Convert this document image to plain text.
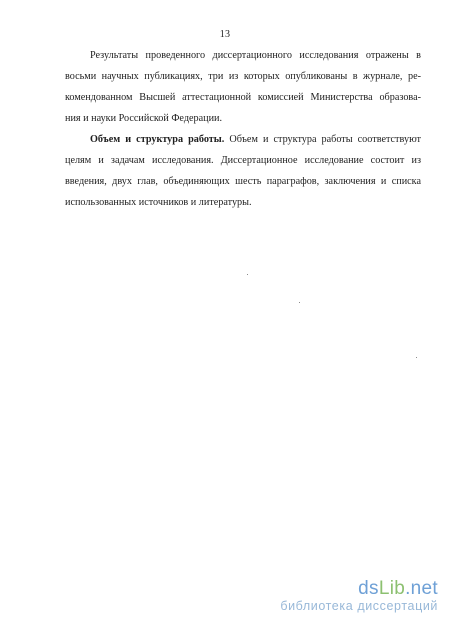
13
Результаты проведенного диссертационного исследования отражены в
восьми научных публикациях, три из которых опубликованы в журнале, ре-
комендованном Высшей аттестационной комиссией Министерства образова-
ния и науки Российской Федерации.
Объем и структура работы. Объем и структура работы соответствуют
целям и задачам исследования. Диссертационное исследование состоит из
введения, двух глав, объединяющих шесть параграфов, заключения и списка
использованных источников и литературы.
dsLib.net
библиотека диссертаций
